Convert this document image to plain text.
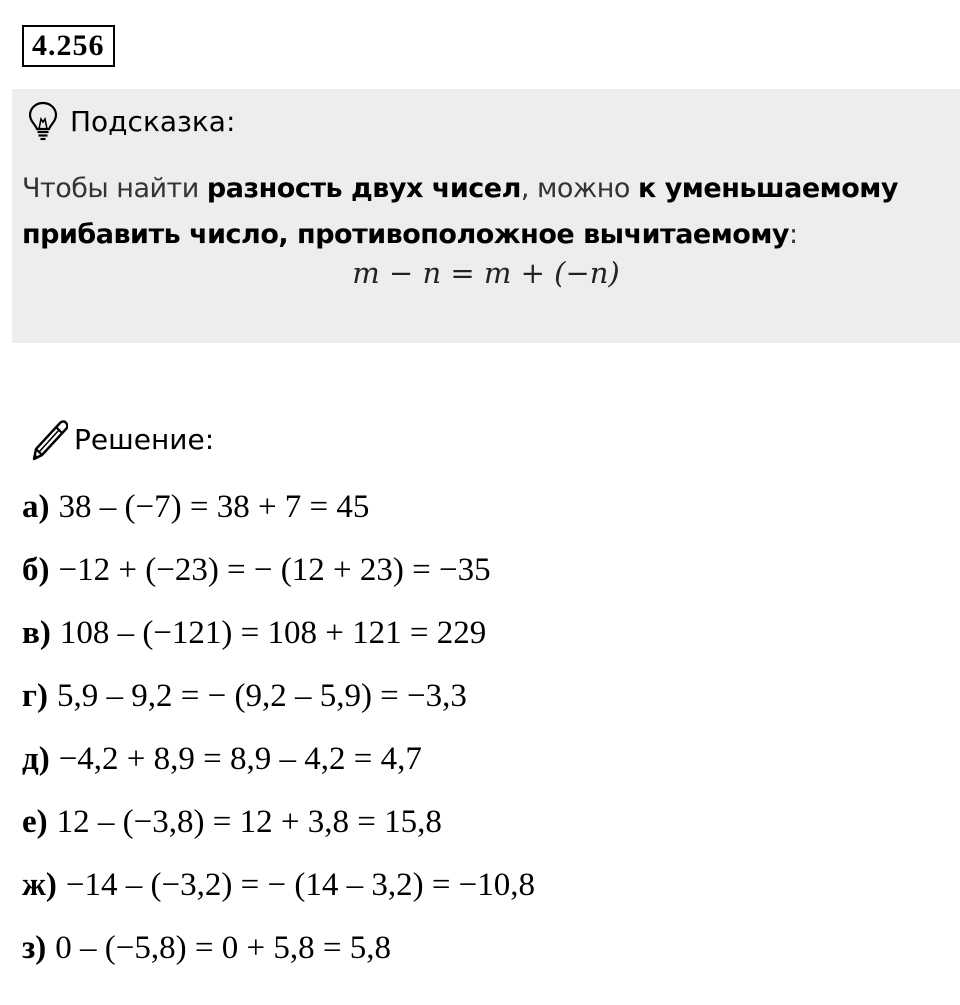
4.256
Подсказка:
Чтобы найти разность двух чисел, можно к уменьшаемому прибавить число, противоположное вычитаемому:
m − n = m + (−n)
Решение:
а) 38 – (−7) = 38 + 7 = 45
б) −12 + (−23) = − (12 + 23) = −35
в) 108 – (−121) = 108 + 121 = 229
г) 5,9 – 9,2 = − (9,2 – 5,9) = −3,3
д) −4,2 + 8,9 = 8,9 – 4,2 = 4,7
е) 12 – (−3,8) = 12 + 3,8 = 15,8
ж) −14 – (−3,2) = − (14 – 3,2) = −10,8
з) 0 – (−5,8) = 0 + 5,8 = 5,8
